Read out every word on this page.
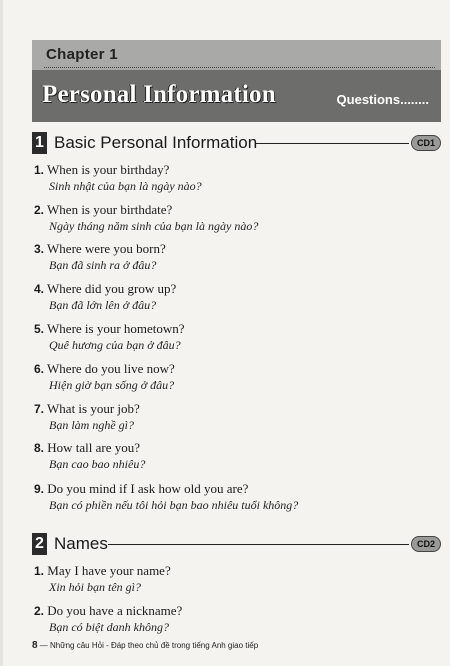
Chapter 1
Personal Information	Questions........
1 Basic Personal Information	CD1
1. When is your birthday?
Sinh nhật của bạn là ngày nào?
2. When is your birthdate?
Ngày tháng năm sinh của bạn là ngày nào?
3. Where were you born?
Bạn đã sinh ra ở đâu?
4. Where did you grow up?
Bạn đã lớn lên ở đâu?
5. Where is your hometown?
Quê hương của bạn ở đâu?
6. Where do you live now?
Hiện giờ bạn sống ở đâu?
7. What is your job?
Bạn làm nghề gì?
8. How tall are you?
Bạn cao bao nhiêu?
9. Do you mind if I ask how old you are?
Bạn có phiền nếu tôi hỏi bạn bao nhiêu tuổi không?
2 Names	CD2
1. May I have your name?
Xin hỏi bạn tên gì?
2. Do you have a nickname?
Bạn có biệt danh không?
8 — Những câu Hỏi - Đáp theo chủ đề trong tiếng Anh giao tiếp
